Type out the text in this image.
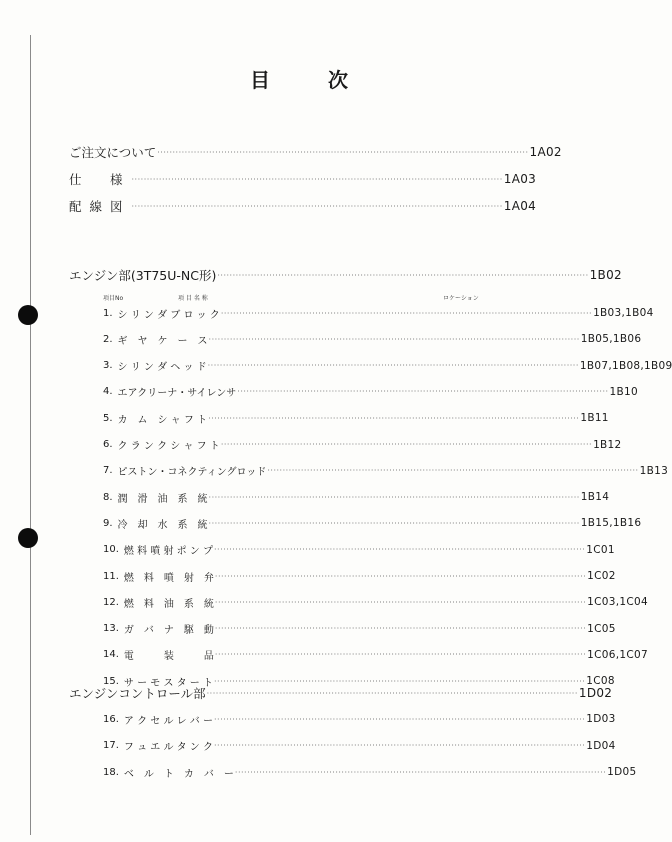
目	次
ご注文について ·························································································································· 1A02
仕　様 ·························································································································· 1A03
配線図 ·························································································································· 1A04
エンジン部(3T75U-NC形) ·························································································································· 1B02
項目No	項 目 名 称	ロケーション
1. シ リ ン ダ ブ ロ ッ ク ·························································································································· 1B03,1B04
2. ギ　ヤ　ケ　ー　ス ·························································································································· 1B05,1B06
3. シ リ ン ダ ヘ ッ ド ·························································································································· 1B07,1B08,1B09
4. エアクリーナ・サイレンサ ·························································································································· 1B10
5. カ　ム　シ ャ フ ト ·························································································································· 1B11
6. ク ラ ン ク シ ャ フ ト ·························································································································· 1B12
7. ピストン・コネクティングロッド ·························································································································· 1B13
8. 潤　滑　油　系　統 ·························································································································· 1B14
9. 冷　却　水　系　統 ·························································································································· 1B15,1B16
10. 燃 料 噴 射 ポ ン プ ·························································································································· 1C01
11. 燃　料　噴　射　弁 ·························································································································· 1C02
12. 燃　料　油　系　統 ·························································································································· 1C03,1C04
13. ガ　バ　ナ　駆　動 ·························································································································· 1C05
14. 電　　　装　　　品 ·························································································································· 1C06,1C07
15. サ ー モ ス タ ー ト ·························································································································· 1C08
エンジンコントロール部 ·························································································································· 1D02
16. ア ク セ ル レ バ ー ·························································································································· 1D03
17. フ ュ エ ル タ ン ク ·························································································································· 1D04
18. ベ　ル　ト　カ　バ　ー ·························································································································· 1D05
